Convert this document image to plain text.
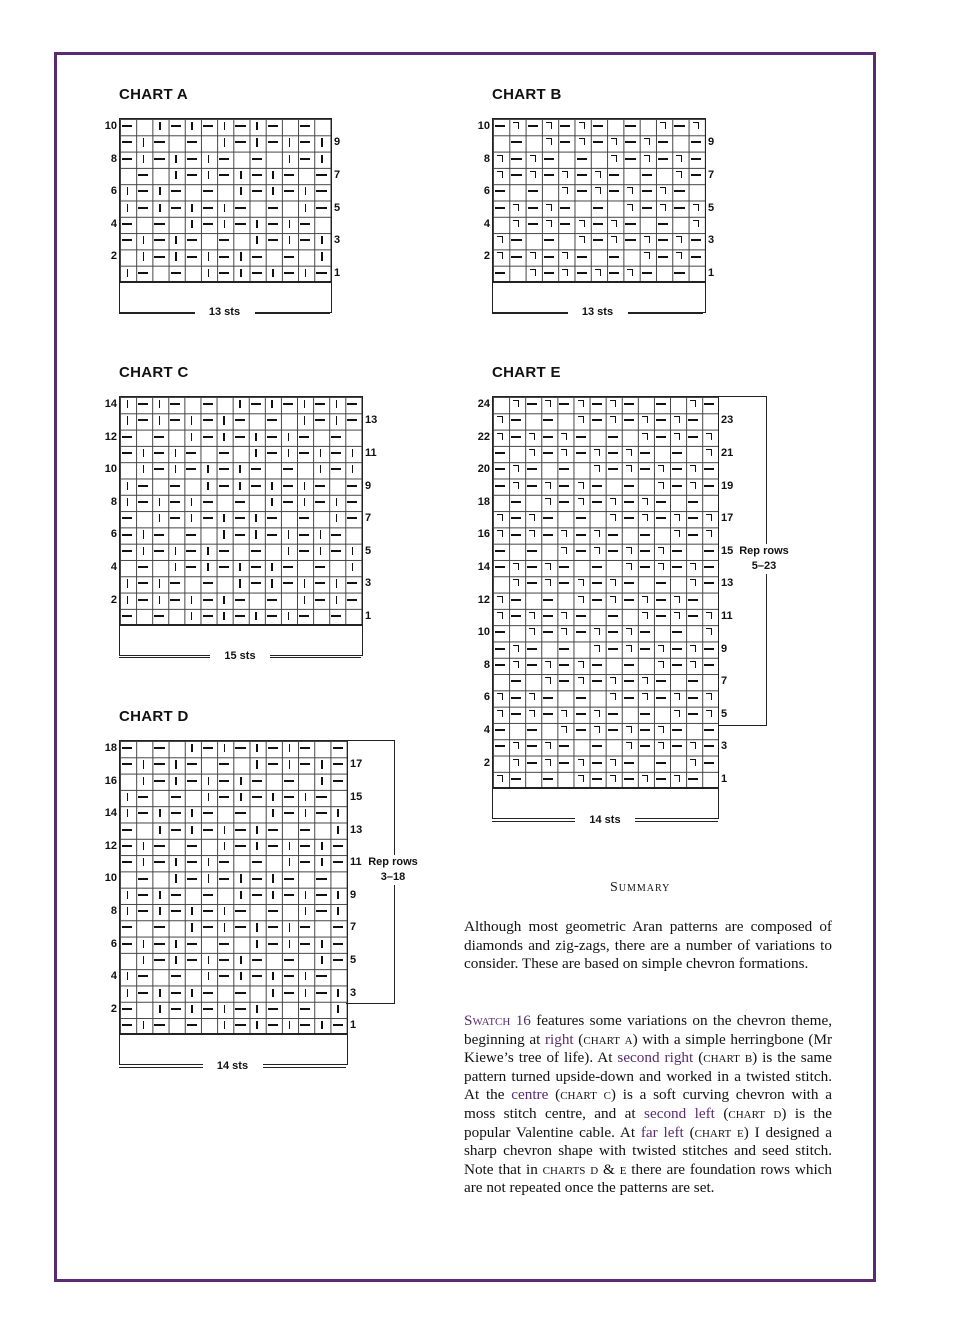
CHART A
10
8
6
4
2
9
7
5
3
1
13 sts
CHART B
10
8
6
4
2
9
7
5
3
1
13 sts
CHART C
14
12
10
8
6
4
2
13
11
9
7
5
3
1
15 sts
CHART D
18
16
14
12
10
8
6
4
2
17
15
13
11
9
7
5
3
1
14 sts
Rep rows
3–18
CHART E
24
22
20
18
16
14
12
10
8
6
4
2
23
21
19
17
15
13
11
9
7
5
3
1
14 sts
Rep rows
5–23
Summary
Although most geometric Aran patterns are composed of diamonds and zig-zags, there are a number of variations to consider. These are based on simple chevron formations.
Swatch 16 features some variations on the chevron theme, beginning at right (chart a) with a simple herringbone (Mr Kiewe’s tree of life). At second right (chart b) is the same pattern turned upside-down and worked in a twisted stitch. At the centre (chart c) is a soft curving chevron with a moss stitch centre, and at second left (chart d) is the popular Valentine cable. At far left (chart e) I designed a sharp chevron shape with twisted stitches and seed stitch. Note that in charts d & e there are foundation rows which are not repeated once the patterns are set.
